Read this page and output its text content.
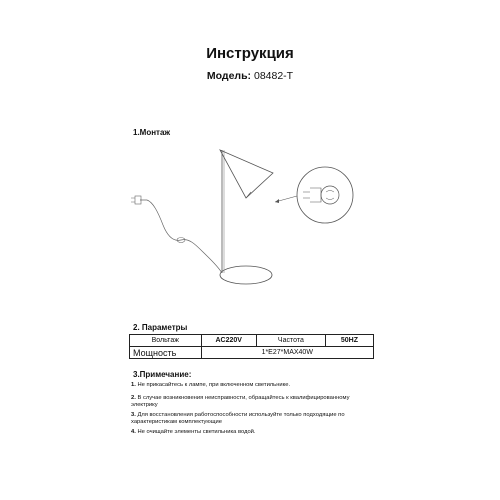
Инструкция
Модель: 08482-T
1.Монтаж
2. Параметры
Вольтаж	AC220V	Частота	50HZ
Мощность	1*E27*MAX40W		
3.Примечание:
1. Не прикасайтесь к лампе, при включенном светильнике.
2. В случае возникновения неисправности, обращайтесь к квалифицированному электрику
3. Для восстановления работоспособности используйте только подходящие по характеристикам комплектующие
4. Не очищайте элементы светильника водой.
